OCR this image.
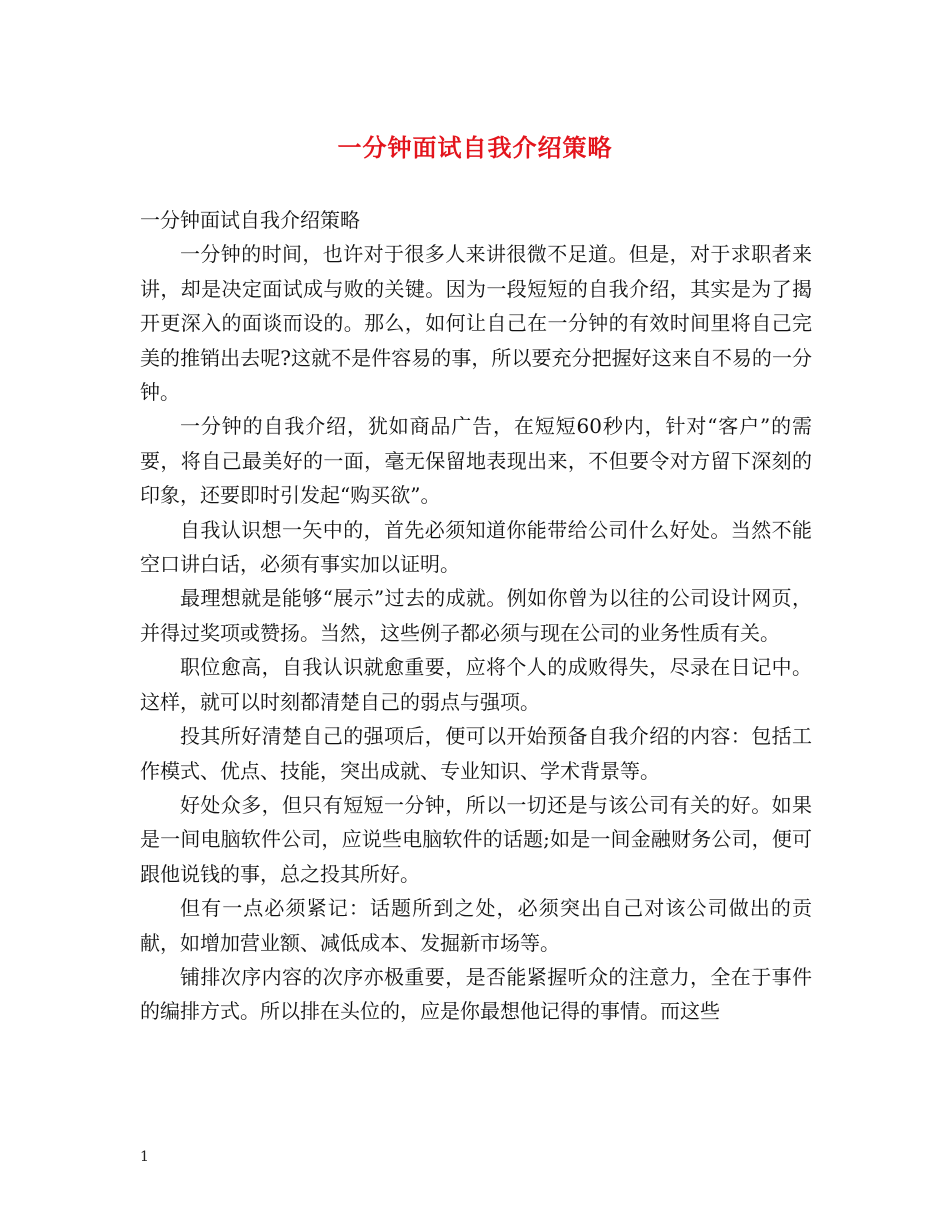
一分钟面试自我介绍策略

一分钟面试自我介绍策略

一分钟的时间，也许对于很多人来讲很微不足道。但是，对于求职者来讲，却是决定面试成与败的关键。因为一段短短的自我介绍，其实是为了揭开更深入的面谈而设的。那么，如何让自己在一分钟的有效时间里将自己完美的推销出去呢?这就不是件容易的事，所以要充分把握好这来自不易的一分钟。

一分钟的自我介绍，犹如商品广告，在短短60秒内，针对“客户”的需要，将自己最美好的一面，毫无保留地表现出来，不但要令对方留下深刻的印象，还要即时引发起“购买欲”。

自我认识想一矢中的，首先必须知道你能带给公司什么好处。当然不能空口讲白话，必须有事实加以证明。

最理想就是能够“展示”过去的成就。例如你曾为以往的公司设计网页，并得过奖项或赞扬。当然，这些例子都必须与现在公司的业务性质有关。

职位愈高，自我认识就愈重要，应将个人的成败得失，尽录在日记中。这样，就可以时刻都清楚自己的弱点与强项。

投其所好清楚自己的强项后，便可以开始预备自我介绍的内容：包括工作模式、优点、技能，突出成就、专业知识、学术背景等。

好处众多，但只有短短一分钟，所以一切还是与该公司有关的好。如果是一间电脑软件公司，应说些电脑软件的话题;如是一间金融财务公司，便可跟他说钱的事，总之投其所好。

但有一点必须紧记：话题所到之处，必须突出自己对该公司做出的贡献，如增加营业额、减低成本、发掘新市场等。

铺排次序内容的次序亦极重要，是否能紧握听众的注意力，全在于事件的编排方式。所以排在头位的，应是你最想他记得的事情。而这些

1
